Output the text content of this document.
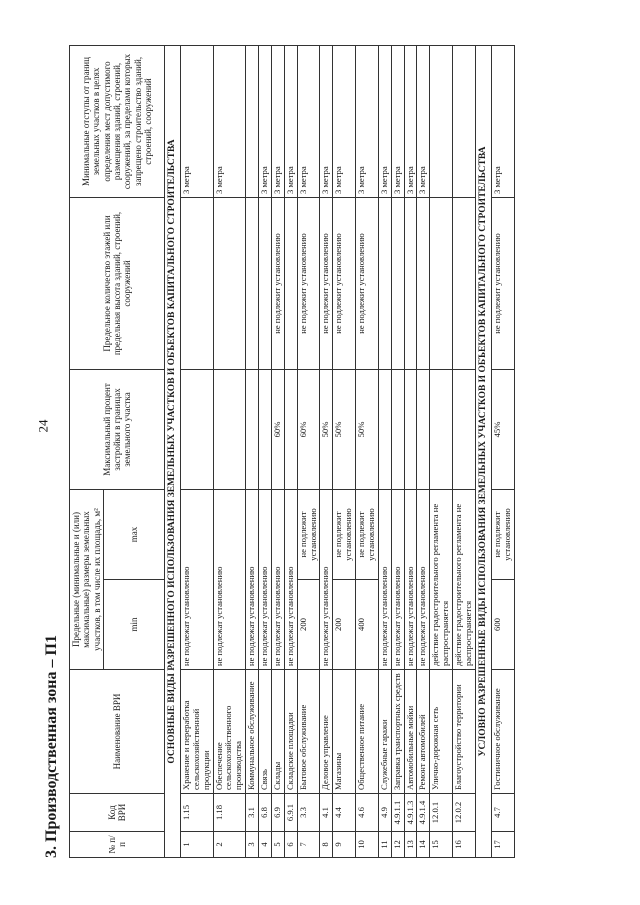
24
3. Производственная зона – П1	№ п/п	Код ВРИ	Наименование ВРИ	Предельные (минимальные и (или) максимальные) размеры земельных участков, в том числе их площадь, м²		Максимальный процент застройки в границах земельного участка	Предельное количество этажей или предельная высота зданий, строений, сооружений	Минимальные отступы от границ земельных участков в целях определения мест допустимого размещения зданий, строений, сооружений, за пределами которых запрещено строительство зданий, строений, сооружений
			min	max			
ОСНОВНЫЕ ВИДЫ РАЗРЕШЕННОГО ИСПОЛЬЗОВАНИЯ ЗЕМЕЛЬНЫХ УЧАСТКОВ И ОБЪЕКТОВ КАПИТАЛЬНОГО СТРОИТЕЛЬСТВА							
1	1.15	Хранение и переработка сельскохозяйственной продукции	не подлежат установлению				3 метра
2	1.18	Обеспечение сельскохозяйственного производства	не подлежат установлению				3 метра
3	3.1	Коммунальное обслуживание	не подлежат установлению				
4	6.8	Связь	не подлежат установлению				3 метра
5	6.9	Склады	не подлежат установлению		60%	не подлежит установлению	3 метра
6	6.9.1	Складские площадки	не подлежат установлению				3 метра
7	3.3	Бытовое обслуживание	200	не подлежит установлению	60%	не подлежит установлению	3 метра
8	4.1	Деловое управление	не подлежат установлению		50%	не подлежит установлению	3 метра
9	4.4	Магазины	200	не подлежит установлению	50%	не подлежит установлению	3 метра
10	4.6	Общественное питание	400	не подлежит установлению	50%	не подлежит установлению	3 метра
11	4.9	Служебные гаражи	не подлежат установлению				3 метра
12	4.9.1.1	Заправка транспортных средств	не подлежат установлению				3 метра
13	4.9.1.3	Автомобильные мойки	не подлежат установлению				3 метра
14	4.9.1.4	Ремонт автомобилей	не подлежат установлению				3 метра
15	12.0.1	Улично-дорожная сеть	действие градостроительного регламента не распространяется				
16	12.0.2	Благоустройство территории	действие градостроительного регламента не распространяется				
УСЛОВНО РАЗРЕШЕННЫЕ ВИДЫ ИСПОЛЬЗОВАНИЯ ЗЕМЕЛЬНЫХ УЧАСТКОВ И ОБЪЕКТОВ КАПИТАЛЬНОГО СТРОИТЕЛЬСТВА							
17	4.7	Гостиничное обслуживание	600	не подлежит установлению	45%	не подлежит установлению	3 метра
